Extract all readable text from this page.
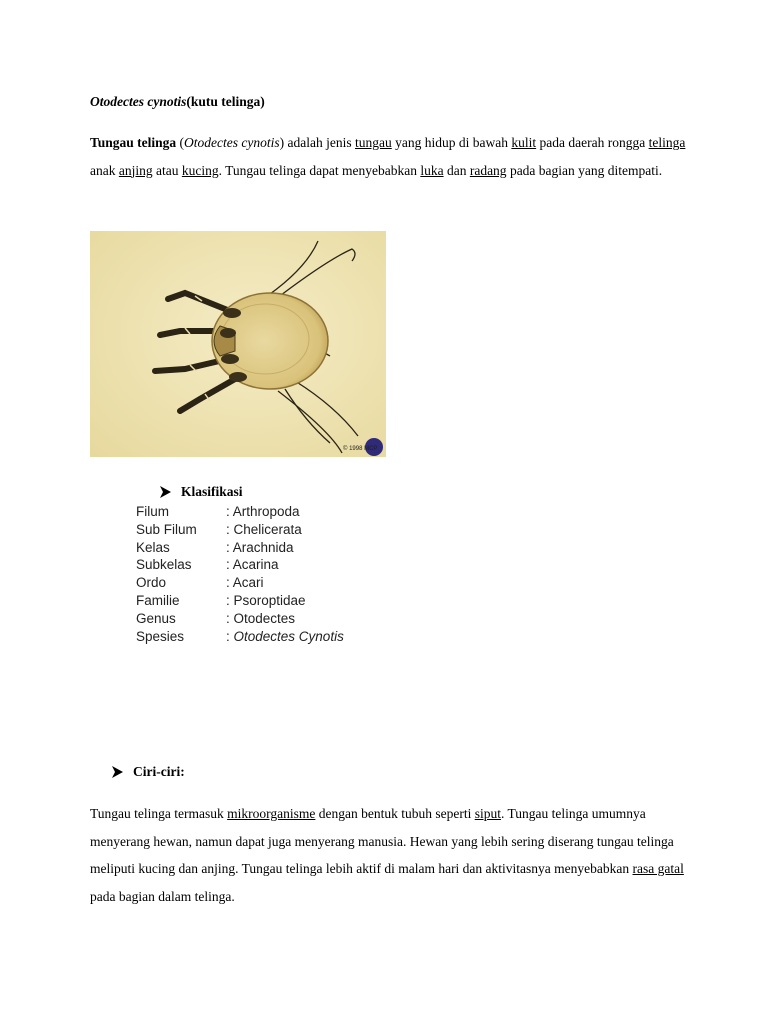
Otodectes cynotis(kutu telinga)
Tungau telinga (Otodectes cynotis) adalah jenis tungau yang hidup di bawah kulit pada daerah rongga telinga anak anjing atau kucing. Tungau telinga dapat menyebabkan luka dan radang pada bagian yang ditempati.
© 1998 MCP
Klasifikasi
Filum	: Arthropoda
Sub Filum	: Chelicerata
Kelas	: Arachnida
Subkelas	: Acarina
Ordo	: Acari
Familie	: Psoroptidae
Genus	: Otodectes
Spesies	: Otodectes Cynotis
Ciri-ciri:
Tungau telinga termasuk mikroorganisme dengan bentuk tubuh seperti siput. Tungau telinga umumnya menyerang hewan, namun dapat juga menyerang manusia. Hewan yang lebih sering diserang tungau telinga meliputi kucing dan anjing. Tungau telinga lebih aktif di malam hari dan aktivitasnya menyebabkan rasa gatal pada bagian dalam telinga.
